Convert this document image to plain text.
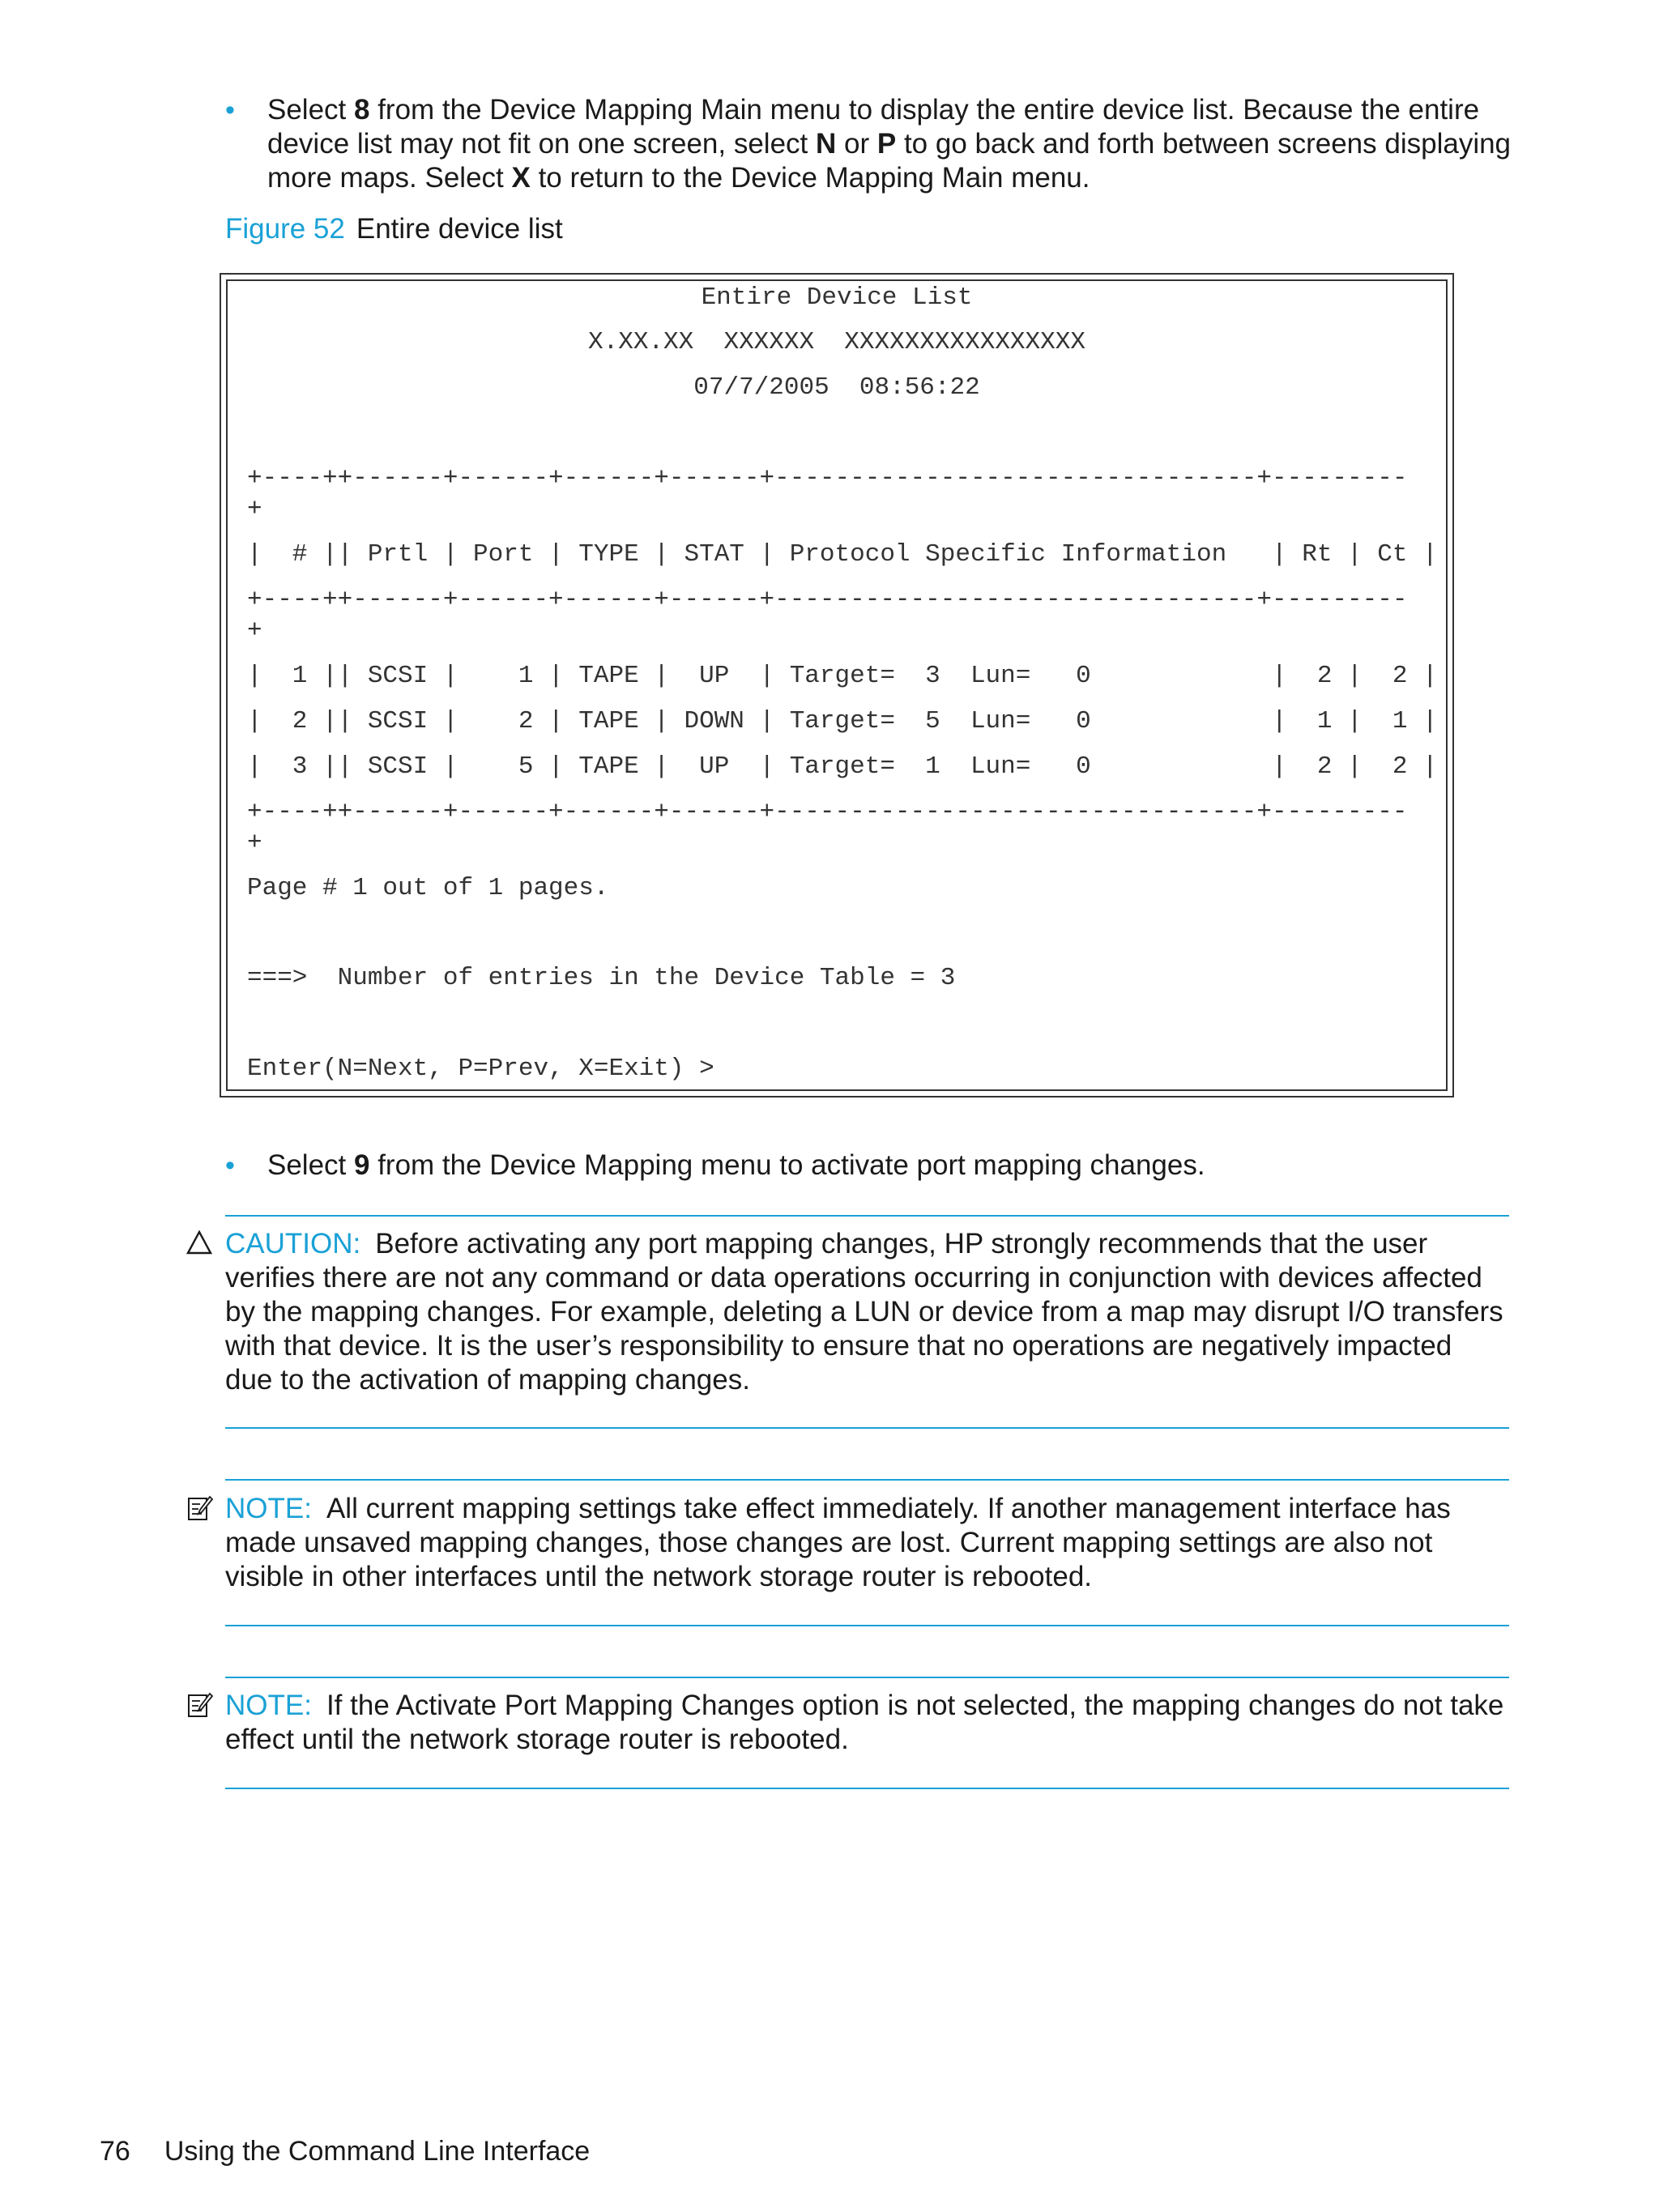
• Select 8 from the Device Mapping Main menu to display the entire device list. Because the entire device list may not fit on one screen, select N or P to go back and forth between screens displaying more maps. Select X to return to the Device Mapping Main menu.
Figure 52 Entire device list
Entire Device List
X.XX.XX  XXXXXX  XXXXXXXXXXXXXXXX
07/7/2005  08:56:22
+----++------+------+------+------+--------------------------------+---------
+
|  # || Prtl | Port | TYPE | STAT | Protocol Specific Information   | Rt | Ct |
+----++------+------+------+------+--------------------------------+---------
+
|  1 || SCSI |    1 | TAPE |  UP  | Target=  3  Lun=   0            |  2 |  2 |
|  2 || SCSI |    2 | TAPE | DOWN | Target=  5  Lun=   0            |  1 |  1 |
|  3 || SCSI |    5 | TAPE |  UP  | Target=  1  Lun=   0            |  2 |  2 |
+----++------+------+------+------+--------------------------------+---------
+
Page # 1 out of 1 pages.
===>  Number of entries in the Device Table = 3
Enter(N=Next, P=Prev, X=Exit) >
• Select 9 from the Device Mapping menu to activate port mapping changes.
CAUTION: Before activating any port mapping changes, HP strongly recommends that the user verifies there are not any command or data operations occurring in conjunction with devices affected by the mapping changes. For example, deleting a LUN or device from a map may disrupt I/O transfers with that device. It is the user’s responsibility to ensure that no operations are negatively impacted due to the activation of mapping changes.
NOTE: All current mapping settings take effect immediately. If another management interface has made unsaved mapping changes, those changes are lost. Current mapping settings are also not visible in other interfaces until the network storage router is rebooted.
NOTE: If the Activate Port Mapping Changes option is not selected, the mapping changes do not take effect until the network storage router is rebooted.
76 Using the Command Line Interface
